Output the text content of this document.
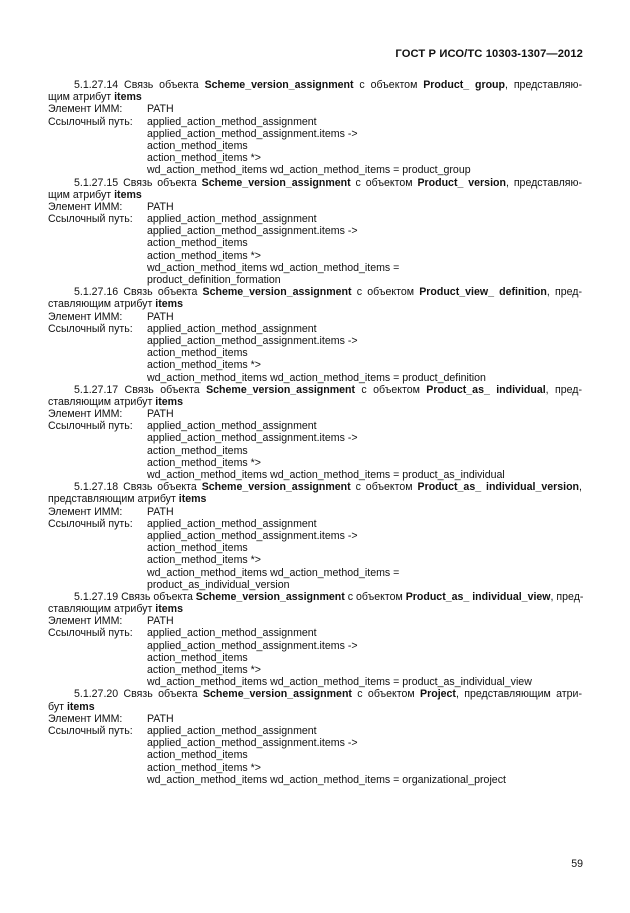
ГОСТ Р ИСО/ТС 10303-1307—2012
5.1.27.14 Связь объекта Scheme_version_assignment с объектом Product_ group, представляю-
щим атрибут items
Элемент ИММ: PATH
Ссылочный путь: applied_action_method_assignment
applied_action_method_assignment.items ->
action_method_items
action_method_items *>
wd_action_method_items wd_action_method_items = product_group
5.1.27.15 Связь объекта Scheme_version_assignment с объектом Product_ version, представляю-
щим атрибут items
Элемент ИММ: PATH
Ссылочный путь: applied_action_method_assignment
applied_action_method_assignment.items ->
action_method_items
action_method_items *>
wd_action_method_items wd_action_method_items =
product_definition_formation
5.1.27.16 Связь объекта Scheme_version_assignment с объектом Product_view_ definition, пред-
ставляющим атрибут items
Элемент ИММ: PATH
Ссылочный путь: applied_action_method_assignment
applied_action_method_assignment.items ->
action_method_items
action_method_items *>
wd_action_method_items wd_action_method_items = product_definition
5.1.27.17 Связь объекта Scheme_version_assignment с объектом Product_as_ individual, пред-
ставляющим атрибут items
Элемент ИММ: PATH
Ссылочный путь: applied_action_method_assignment
applied_action_method_assignment.items ->
action_method_items
action_method_items *>
wd_action_method_items wd_action_method_items = product_as_individual
5.1.27.18 Связь объекта Scheme_version_assignment с объектом Product_as_ individual_version,
представляющим атрибут items
Элемент ИММ: PATH
Ссылочный путь: applied_action_method_assignment
applied_action_method_assignment.items ->
action_method_items
action_method_items *>
wd_action_method_items wd_action_method_items =
product_as_individual_version
5.1.27.19 Связь объекта Scheme_version_assignment с объектом Product_as_ individual_view, пред-
ставляющим атрибут items
Элемент ИММ: PATH
Ссылочный путь: applied_action_method_assignment
applied_action_method_assignment.items ->
action_method_items
action_method_items *>
wd_action_method_items wd_action_method_items = product_as_individual_view
5.1.27.20 Связь объекта Scheme_version_assignment с объектом Project, представляющим атри-
бут items
Элемент ИММ: PATH
Ссылочный путь: applied_action_method_assignment
applied_action_method_assignment.items ->
action_method_items
action_method_items *>
wd_action_method_items wd_action_method_items = organizational_project
59
